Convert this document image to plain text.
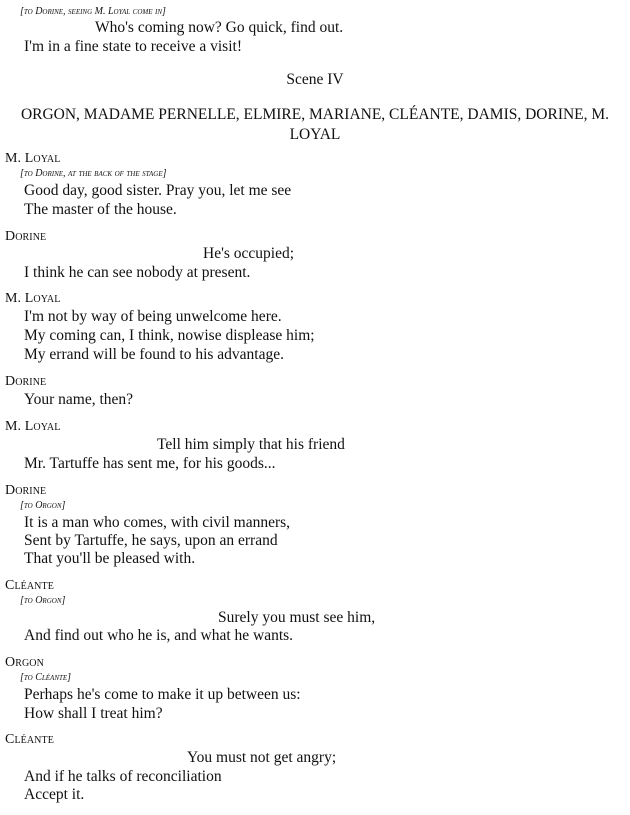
[to Dorine, seeing M. Loyal come in]
Who's coming now? Go quick, find out.
I'm in a fine state to receive a visit!
Scene IV
ORGON, MADAME PERNELLE, ELMIRE, MARIANE, CLÉANTE, DAMIS, DORINE, M.
LOYAL
M. Loyal
[to Dorine, at the back of the stage]
Good day, good sister. Pray you, let me see
The master of the house.
Dorine
He's occupied;
I think he can see nobody at present.
M. Loyal
I'm not by way of being unwelcome here.
My coming can, I think, nowise displease him;
My errand will be found to his advantage.
Dorine
Your name, then?
M. Loyal
Tell him simply that his friend
Mr. Tartuffe has sent me, for his goods...
Dorine
[to Orgon]
It is a man who comes, with civil manners,
Sent by Tartuffe, he says, upon an errand
That you'll be pleased with.
Cléante
[to Orgon]
Surely you must see him,
And find out who he is, and what he wants.
Orgon
[to Cléante]
Perhaps he's come to make it up between us:
How shall I treat him?
Cléante
You must not get angry;
And if he talks of reconciliation
Accept it.
